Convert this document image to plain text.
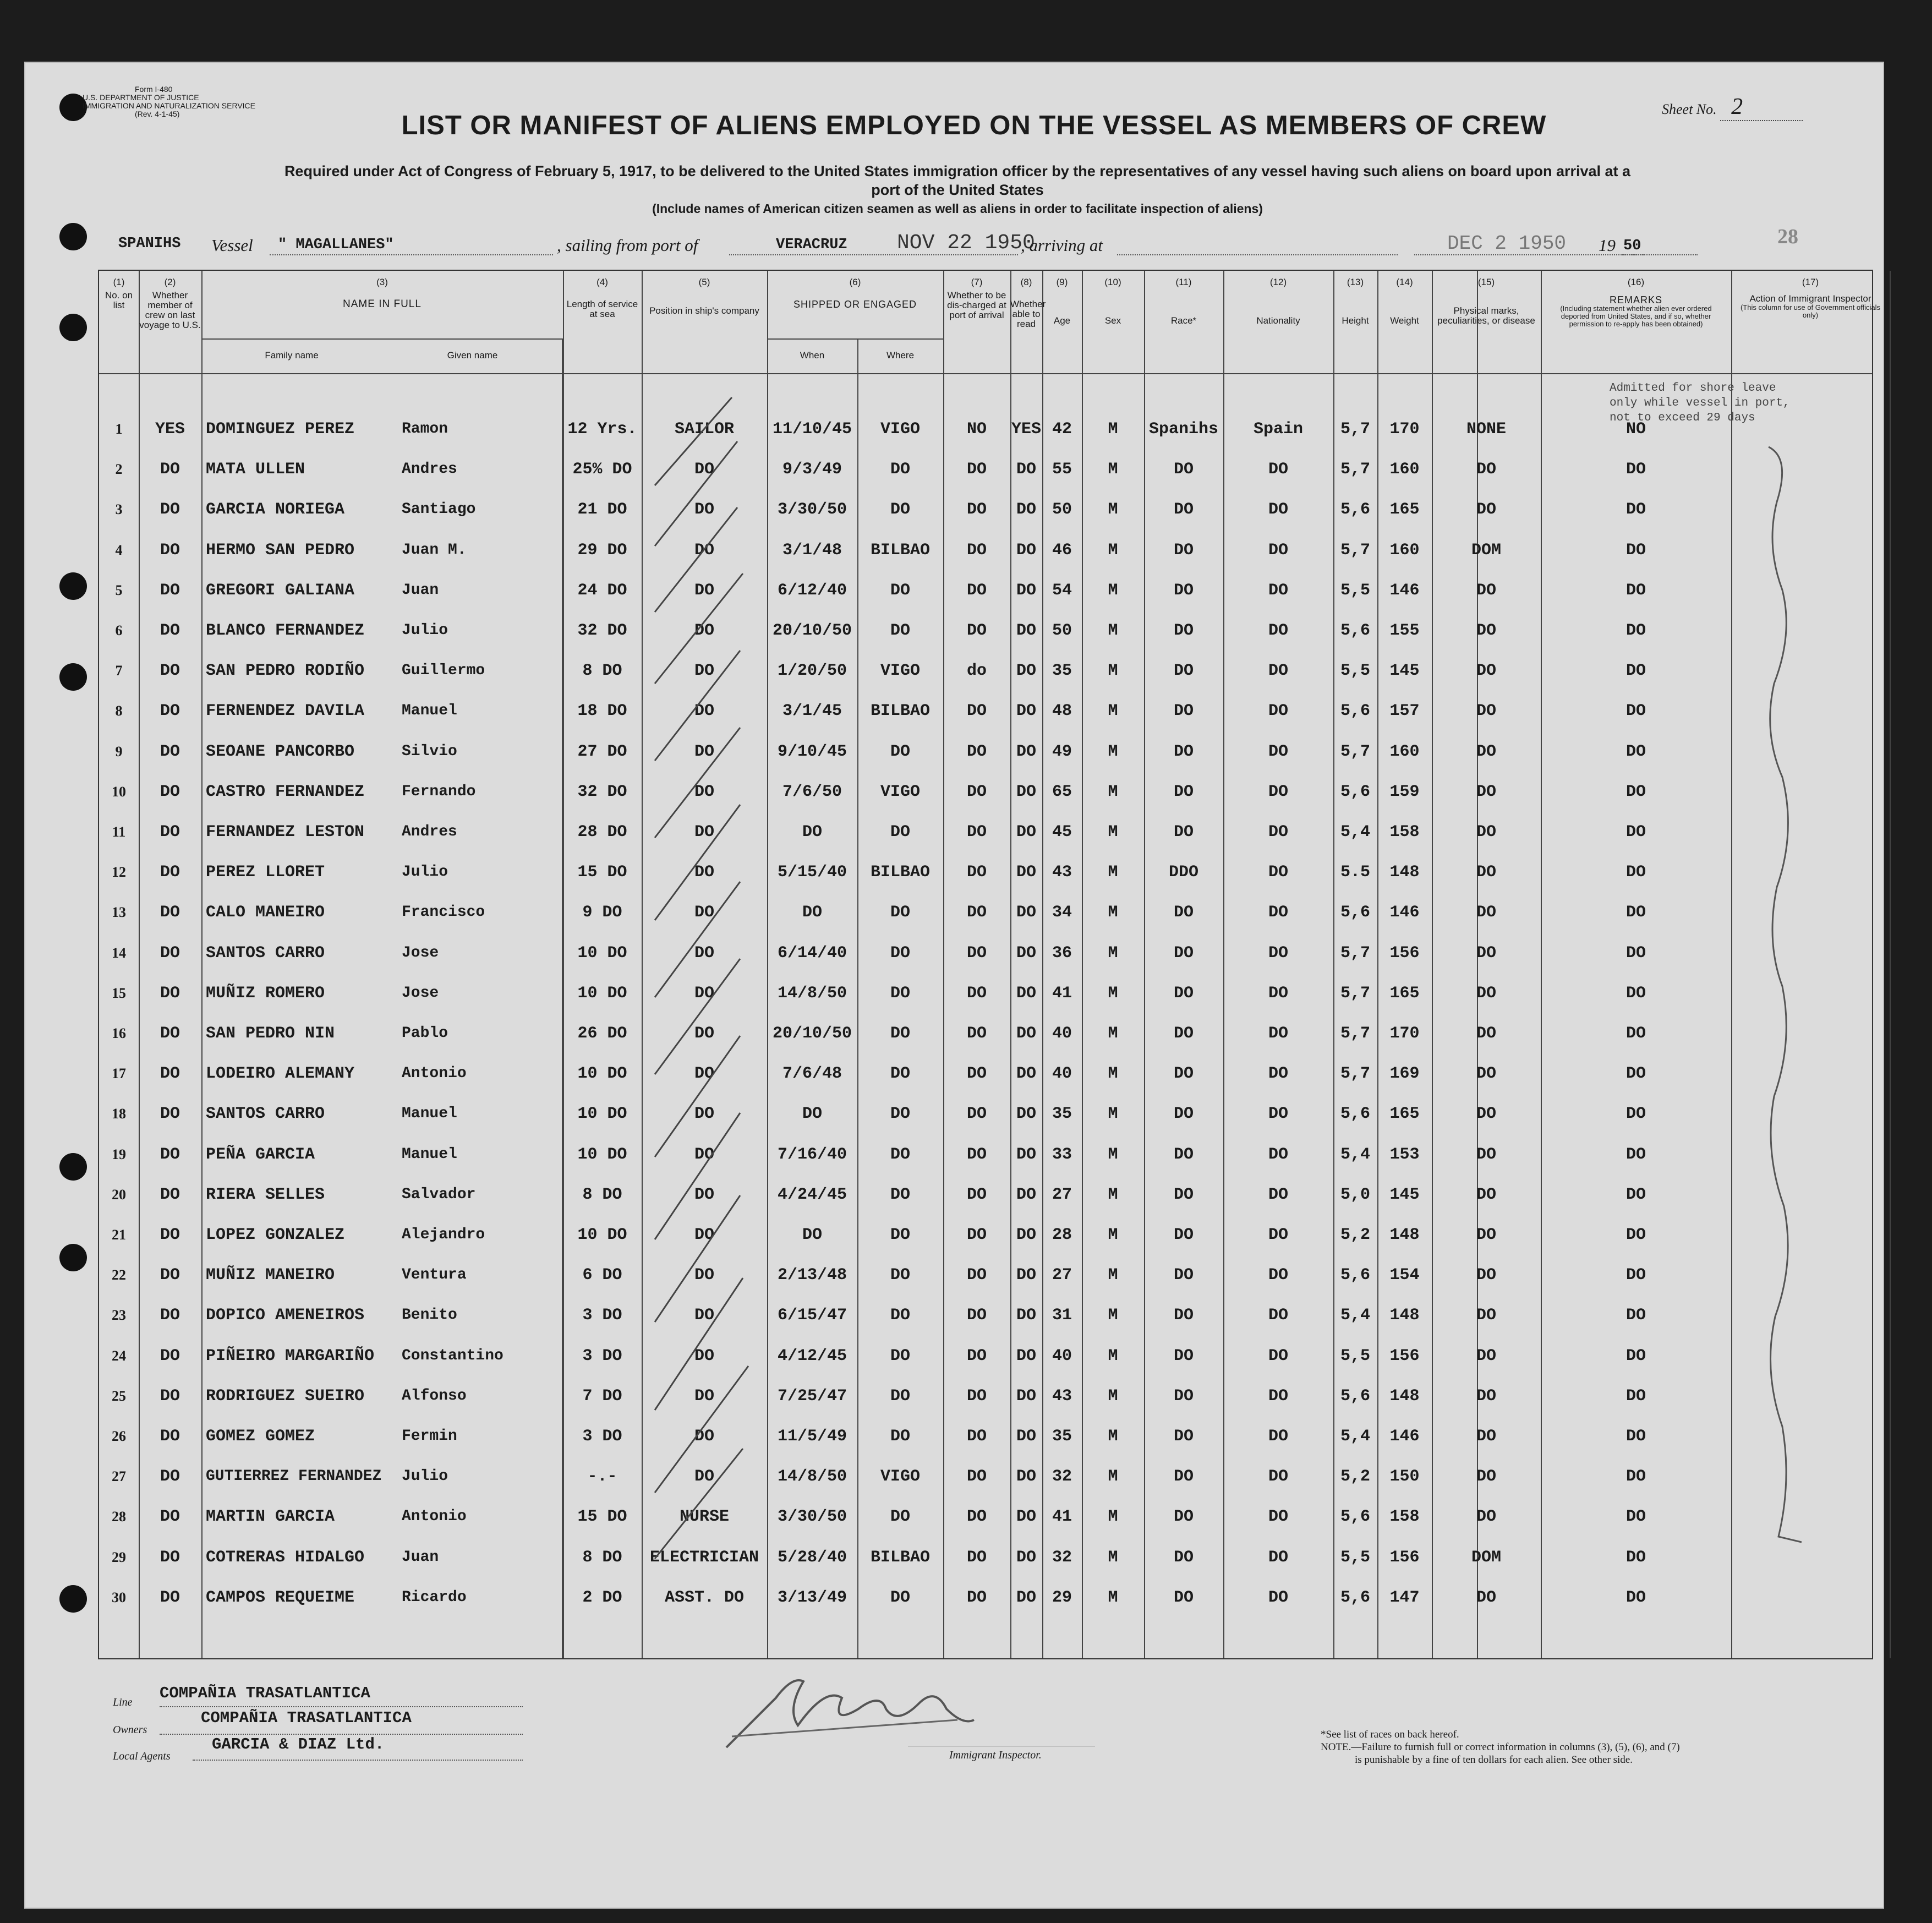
Form I-480
U.S. DEPARTMENT OF JUSTICE
IMMIGRATION AND NATURALIZATION SERVICE
(Rev. 4-1-45)	Sheet No. 2
LIST OR MANIFEST OF ALIENS EMPLOYED ON THE VESSEL AS MEMBERS OF CREW
Required under Act of Congress of February 5, 1917, to be delivered to the United States immigration officer by the representatives of any vessel having such aliens on board upon arrival at a
port of the United States
(Include names of American citizen seamen as well as aliens in order to facilitate inspection of aliens)
SPANIHS Vessel " MAGALLANES"	, sailing from port of	VERACRUZ NOV 22 1950
, arriving at	DEC 2 1950 19 50	28
(1)
No. on list
(2)
Whether member of crew on last voyage to U.S.
(3)
NAME IN FULL
Family name	Given name
(4)
Length of service at sea
(5)
Position in ship's company
(6)
SHIPPED OR ENGAGED
When	Where
(7)
Whether to be dis-charged at port of arrival
(8)
Whether able to read
(9)
Age
(10)
Sex
(11)
Race*
(12)
Nationality
(13)
Height
(14)
Weight
(15)
Physical marks, peculiarities, or disease
(16)
REMARKS
(Including statement whether alien ever ordered deported from United States, and if so, whether permission to re-apply has been obtained)
(17)
Action of Immigrant Inspector
(This column for use of Government officials only)
1	YES	DOMINGUEZ PEREZ	Ramon	12 Yrs.	SAILOR	11/10/45	VIGO	NO	YES 42	M	Spanihs	Spain	5,7	170	NONE	NO
2	DO	MATA ULLEN	Andres	25% DO	DO	9/3/49	DO	DO	DO 55	M	DO	DO	5,7	160	DO	DO
3	DO	GARCIA NORIEGA	Santiago	21 DO	DO	3/30/50	DO	DO	DO 50	M	DO	DO	5,6	165	DO	DO
4	DO	HERMO SAN PEDRO	Juan M.	29 DO	DO	3/1/48	BILBAO	DO	DO 46	M	DO	DO	5,7	160	DOM	DO
5	DO	GREGORI GALIANA	Juan	24 DO	DO	6/12/40	DO	DO	DO 54	M	DO	DO	5,5	146	DO	DO
6	DO	BLANCO FERNANDEZ	Julio	32 DO	DO	20/10/50	DO	DO	DO 50	M	DO	DO	5,6	155	DO	DO
7	DO	SAN PEDRO RODIÑO	Guillermo	8 DO	DO	1/20/50	VIGO	do	DO 35	M	DO	DO	5,5	145	DO	DO
8	DO	FERNENDEZ DAVILA	Manuel	18 DO	DO	3/1/45	BILBAO	DO	DO 48	M	DO	DO	5,6	157	DO	DO
9	DO	SEOANE PANCORBO	Silvio	27 DO	DO	9/10/45	DO	DO	DO 49	M	DO	DO	5,7	160	DO	DO
10	DO	CASTRO FERNANDEZ	Fernando	32 DO	DO	7/6/50	VIGO	DO	DO 65	M	DO	DO	5,6	159	DO	DO
11	DO	FERNANDEZ LESTON	Andres	28 DO	DO	DO	DO	DO	DO 45	M	DO	DO	5,4	158	DO	DO
12	DO	PEREZ LLORET	Julio	15 DO	DO	5/15/40	BILBAO	DO	DO 43	M	DDO	DO	5.5	148	DO	DO
13	DO	CALO MANEIRO	Francisco	9 DO	DO	DO	DO	DO	DO 34	M	DO	DO	5,6	146	DO	DO
14	DO	SANTOS CARRO	Jose	10 DO	DO	6/14/40	DO	DO	DO 36	M	DO	DO	5,7	156	DO	DO
15	DO	MUÑIZ ROMERO	Jose	10 DO	DO	14/8/50	DO	DO	DO 41	M	DO	DO	5,7	165	DO	DO
16	DO	SAN PEDRO NIN	Pablo	26 DO	DO	20/10/50	DO	DO	DO 40	M	DO	DO	5,7	170	DO	DO
17	DO	LODEIRO ALEMANY	Antonio	10 DO	DO	7/6/48	DO	DO	DO 40	M	DO	DO	5,7	169	DO	DO
18	DO	SANTOS CARRO	Manuel	10 DO	DO	DO	DO	DO	DO 35	M	DO	DO	5,6	165	DO	DO
19	DO	PEÑA GARCIA	Manuel	10 DO	DO	7/16/40	DO	DO	DO 33	M	DO	DO	5,4	153	DO	DO
20	DO	RIERA SELLES	Salvador	8 DO	DO	4/24/45	DO	DO	DO 27	M	DO	DO	5,0	145	DO	DO
21	DO	LOPEZ GONZALEZ	Alejandro	10 DO	DO	DO	DO	DO	DO 28	M	DO	DO	5,2	148	DO	DO
22	DO	MUÑIZ MANEIRO	Ventura	6 DO	DO	2/13/48	DO	DO	DO 27	M	DO	DO	5,6	154	DO	DO
23	DO	DOPICO AMENEIROS	Benito	3 DO	DO	6/15/47	DO	DO	DO 31	M	DO	DO	5,4	148	DO	DO
24	DO	PIÑEIRO MARGARIÑO	Constantino	3 DO	DO	4/12/45	DO	DO	DO 40	M	DO	DO	5,5	156	DO	DO
25	DO	RODRIGUEZ SUEIRO	Alfonso	7 DO	DO	7/25/47	DO	DO	DO 43	M	DO	DO	5,6	148	DO	DO
26	DO	GOMEZ GOMEZ	Fermin	3 DO	DO	11/5/49	DO	DO	DO 35	M	DO	DO	5,4	146	DO	DO
27	DO	GUTIERREZ FERNANDEZ	Julio	-.-	DO	14/8/50	VIGO	DO	DO 32	M	DO	DO	5,2	150	DO	DO
28	DO	MARTIN GARCIA	Antonio	15 DO	NURSE	3/30/50	DO	DO	DO 41	M	DO	DO	5,6	158	DO	DO
29	DO	COTRERAS HIDALGO	Juan	8 DO	ELECTRICIAN	5/28/40	BILBAO	DO	DO 32	M	DO	DO	5,5	156	DOM	DO
30	DO	CAMPOS REQUEIME	Ricardo	2 DO	ASST. DO	3/13/49	DO	DO	DO 29	M	DO	DO	5,6	147	DO	DO
Admitted for shore leave only while vessel in port, not to exceed 29 days
Line COMPAÑIA TRASATLANTICA
Owners
COMPAÑIA TRASATLANTICA
Local Agents
GARCIA & DIAZ Ltd.
Immigrant Inspector.
*See list of races on back hereof.
NOTE.—Failure to furnish full or correct information in columns (3), (5), (6), and (7)
is punishable by a fine of ten dollars for each alien. See other side.
